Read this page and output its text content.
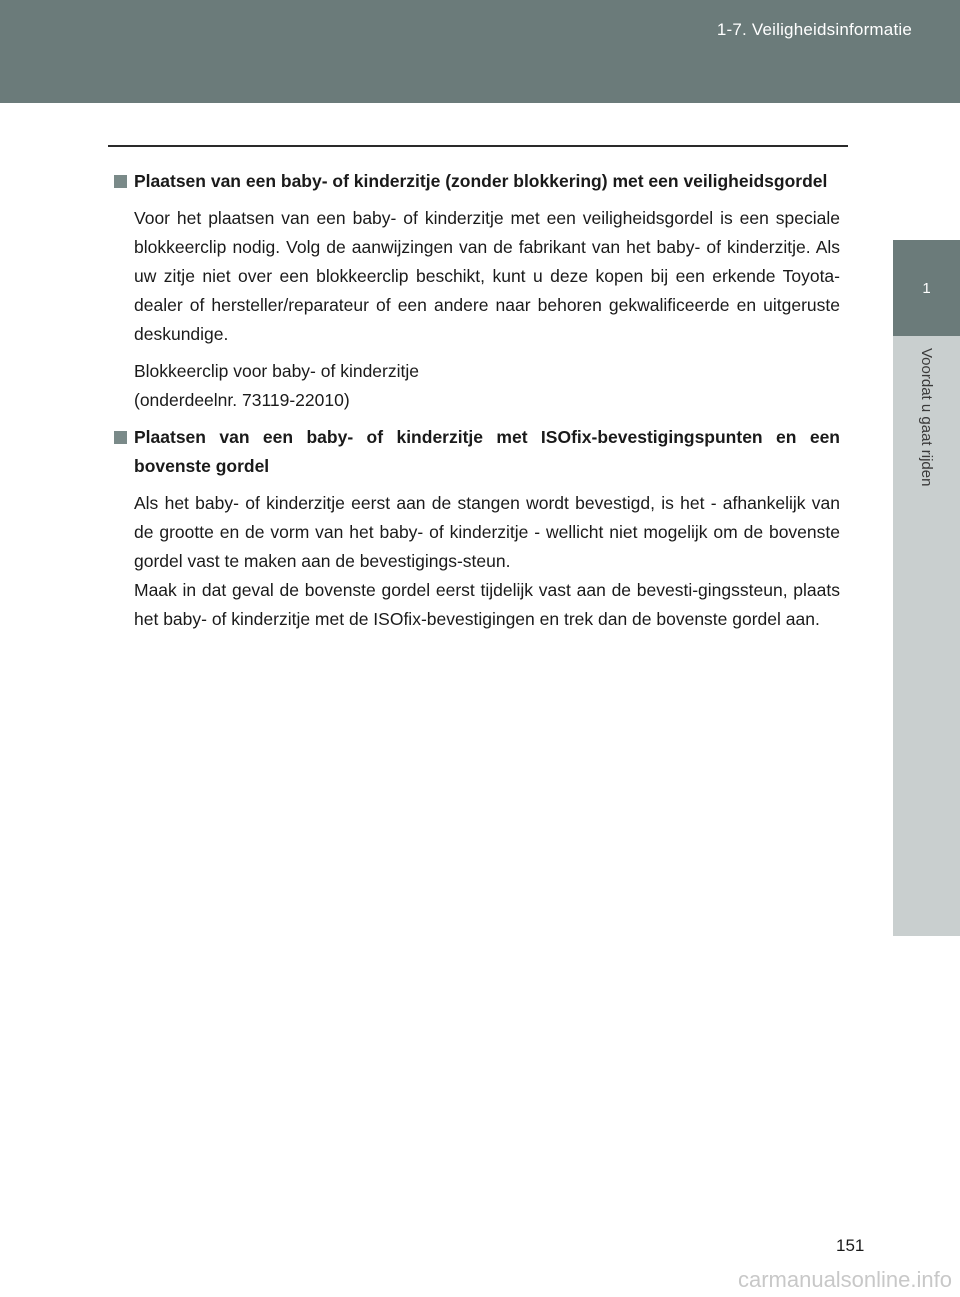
1-7. Veiligheidsinformatie
1
Voordat u gaat rijden
Plaatsen van een baby- of kinderzitje (zonder blokkering) met een veiligheidsgordel
Voor het plaatsen van een baby- of kinderzitje met een veiligheidsgordel is een speciale blokkeerclip nodig. Volg de aanwijzingen van de fabrikant van het baby- of kinderzitje. Als uw zitje niet over een blokkeerclip beschikt, kunt u deze kopen bij een erkende Toyota-dealer of hersteller/reparateur of een andere naar behoren gekwalificeerde en uitgeruste deskundige.
Blokkeerclip voor baby- of kinderzitje
(onderdeelnr. 73119-22010)
Plaatsen van een baby- of kinderzitje met ISOfix-bevestigingspunten en een bovenste gordel
Als het baby- of kinderzitje eerst aan de stangen wordt bevestigd, is het - afhankelijk van de grootte en de vorm van het baby- of kinderzitje - wellicht niet mogelijk om de bovenste gordel vast te maken aan de bevestigings-steun.
Maak in dat geval de bovenste gordel eerst tijdelijk vast aan de bevesti-gingssteun, plaats het baby- of kinderzitje met de ISOfix-bevestigingen en trek dan de bovenste gordel aan.
151
carmanualsonline.info
